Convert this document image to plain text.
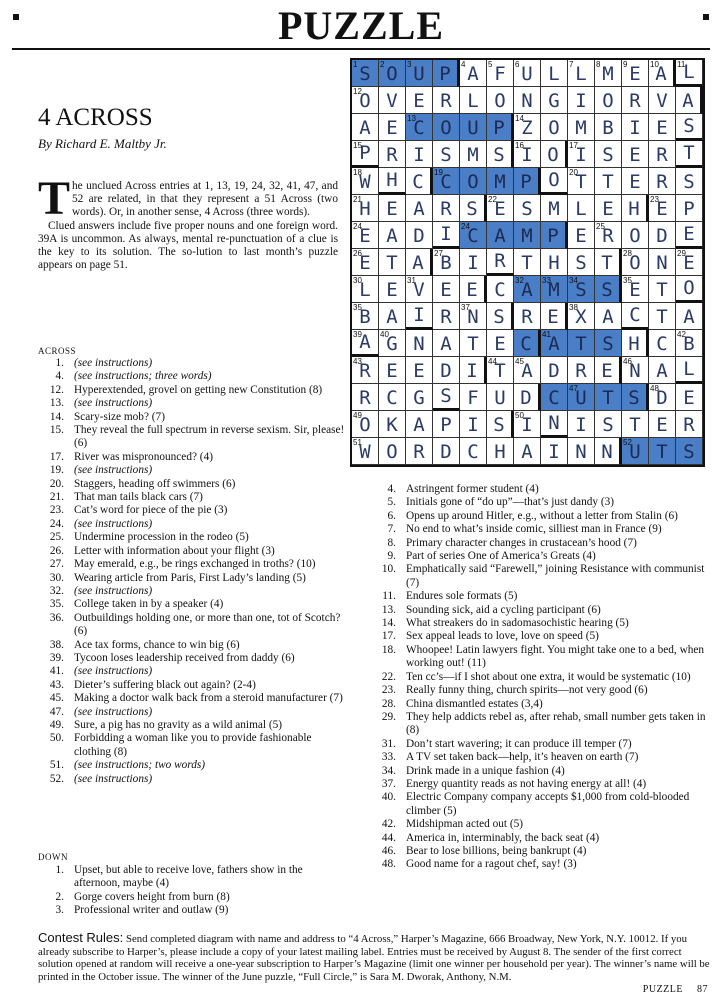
PUZZLE
4 ACROSS
By Richard E. Maltby Jr.

The unclued Across entries at 1, 13, 19, 24, 32, 41, 47, and 52 are related, in that they represent a 51 Across (two words). Or, in another sense, 4 Across (three words).

Clued answers include five proper nouns and one foreign word. 39A is uncommon. As always, mental re-punctuation of a clue is the key to its solution. The so-lution to last month’s puzzle appears on page 51.

ACROSS
1. (see instructions)
4. (see instructions; three words)
12. Hyperextended, grovel on getting new Constitution (8)
13. (see instructions)
14. Scary-size mob? (7)
15. They reveal the full spectrum in reverse sexism. Sir, please! (6)
17. River was mispronounced? (4)
19. (see instructions)
20. Staggers, heading off swimmers (6)
21. That man tails black cars (7)
23. Cat’s word for piece of the pie (3)
24. (see instructions)
25. Undermine procession in the rodeo (5)
26. Letter with information about your flight (3)
27. May emerald, e.g., be rings exchanged in troths? (10)
30. Wearing article from Paris, First Lady’s landing (5)
32. (see instructions)
35. College taken in by a speaker (4)
36. Outbuildings holding one, or more than one, tot of Scotch? (6)
38. Ace tax forms, chance to win big (6)
39. Tycoon loses leadership received from daddy (6)
41. (see instructions)
43. Dieter’s suffering black out again? (2-4)
45. Making a doctor walk back from a steroid manufacturer (7)
47. (see instructions)
49. Sure, a pig has no gravity as a wild animal (5)
50. Forbidding a woman like you to provide fashionable clothing (8)
51. (see instructions; two words)
52. (see instructions)
DOWN
1. Upset, but able to receive love, fathers show in the afternoon, maybe (4)
2. Gorge covers height from burn (8)
3. Professional writer and outlaw (9)
4. Astringent former student (4)
5. Initials gone of “do up”—that’s just dandy (3)
6. Opens up around Hitler, e.g., without a letter from Stalin (6)
7. No end to what’s inside comic, silliest man in France (9)
8. Primary character changes in crustacean’s hood (7)
9. Part of series One of America’s Greats (4)
10. Emphatically said “Farewell,” joining Resistance with communist (7)
11. Endures sole formats (5)
13. Sounding sick, aid a cycling participant (6)
14. What streakers do in sadomasochistic hearing (5)
17. Sex appeal leads to love, love on speed (5)
18. Whoopee! Latin lawyers fight. You might take one to a bed, when working out! (11)
22. Ten cc’s—if I shot about one extra, it would be systematic (10)
23. Really funny thing, church spirits—not very good (6)
28. China dismantled estates (3,4)
29. They help addicts rebel as, after rehab, small number gets taken in (8)
31. Don’t start wavering; it can produce ill temper (7)
33. A TV set taken back—help, it’s heaven on earth (7)
34. Drink made in a unique fashion (4)
37. Energy quantity reads as not having energy at all! (4)
40. Electric Company company accepts $1,000 from cold-blooded climber (5)
42. Midshipman acted out (5)
44. America in, interminably, the back seat (4)
46. Bear to lose billions, being bankrupt (4)
48. Good name for a ragout chef, say! (3)
1 S 2 O 3 U P 4 A 5 F 6 U L 7 L 8 M 9 E 10
A 11
L
12
O V E R L O N G I O R V A
A E 13
C O U P 14
Z O M B I E S
15
P R I S M S 16
I O 17
I S E R T
18
W H C 19
C O M P O 20
T T E R S
21
H E A R S 22
E S M L E H 23
E P
24
E A D I 24
C A M P E 25
R O D E
26
E T A 27
B I R T H S T 28
O N 29
E
30
L E 31
V E E C 32
A 33
M 34
S S 35
E T O
35
B A I R 37
N S R E 38
X A C T A
39
A 40
G N A T E C 41
A T S H C 42
B
43
R E E D I 44
T 45
A D R E 46
N A L
R C G S F U D C 47
U T S 48
D E
49
O K A P I S 50
I N I S T E R
51
W O R D C H A I N N 52
U T S
Contest Rules: Send completed diagram with name and address to “4 Across,” Harper’s Magazine, 666 Broadway, New York, N.Y. 10012. If you already subscribe to Harper’s, please include a copy of your latest mailing label. Entries must be received by August 8. The sender of the first correct solution opened at random will receive a one-year subscription to Harper’s Magazine (limit one winner per household per year). The winner’s name will be printed in the October issue. The winner of the June puzzle, “Full Circle,” is Sara M. Dworak, Anthony, N.M.
PUZZLE 87
